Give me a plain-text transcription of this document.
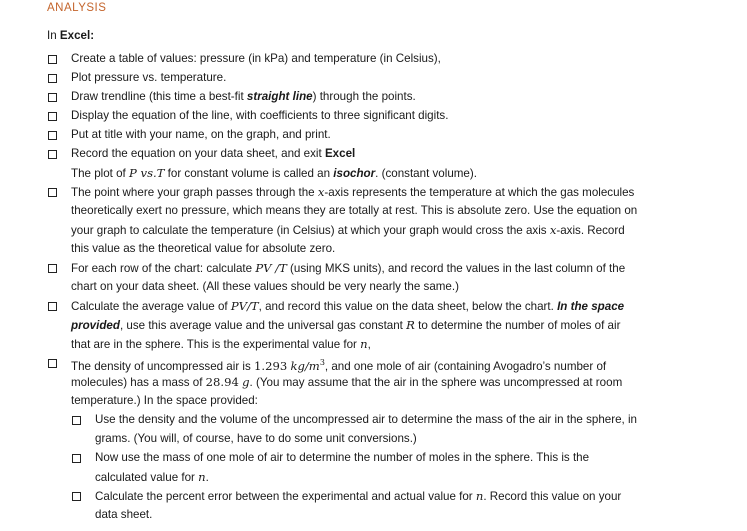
ANALYSIS
In Excel:
Create a table of values: pressure (in kPa) and temperature (in Celsius),
Plot pressure vs. temperature.
Draw trendline (this time a best-fit straight line) through the points.
Display the equation of the line, with coefficients to three significant digits.
Put at title with your name, on the graph, and print.
Record the equation on your data sheet, and exit Excel
The plot of P vs.T for constant volume is called an isochor. (constant volume).
The point where your graph passes through the x-axis represents the temperature at which the gas molecules
theoretically exert no pressure, which means they are totally at rest. This is absolute zero. Use the equation on
your graph to calculate the temperature (in Celsius) at which your graph would cross the axis x-axis. Record
this value as the theoretical value for absolute zero.
For each row of the chart: calculate PV /T (using MKS units), and record the values in the last column of the
chart on your data sheet. (All these values should be very nearly the same.)
Calculate the average value of PV/T, and record this value on the data sheet, below the chart. In the space
provided, use this average value and the universal gas constant R to determine the number of moles of air
that are in the sphere. This is the experimental value for n,
The density of uncompressed air is 1.293 $kg/m^3$, and one mole of air (containing Avogadro’s number of
molecules) has a mass of 28.94 g. (You may assume that the air in the sphere was uncompressed at room
temperature.) In the space provided:
Use the density and the volume of the uncompressed air to determine the mass of the air in the sphere, in
grams. (You will, of course, have to do some unit conversions.)
Now use the mass of one mole of air to determine the number of moles in the sphere. This is the
calculated value for n.
Calculate the percent error between the experimental and actual value for n. Record this value on your
data sheet.
